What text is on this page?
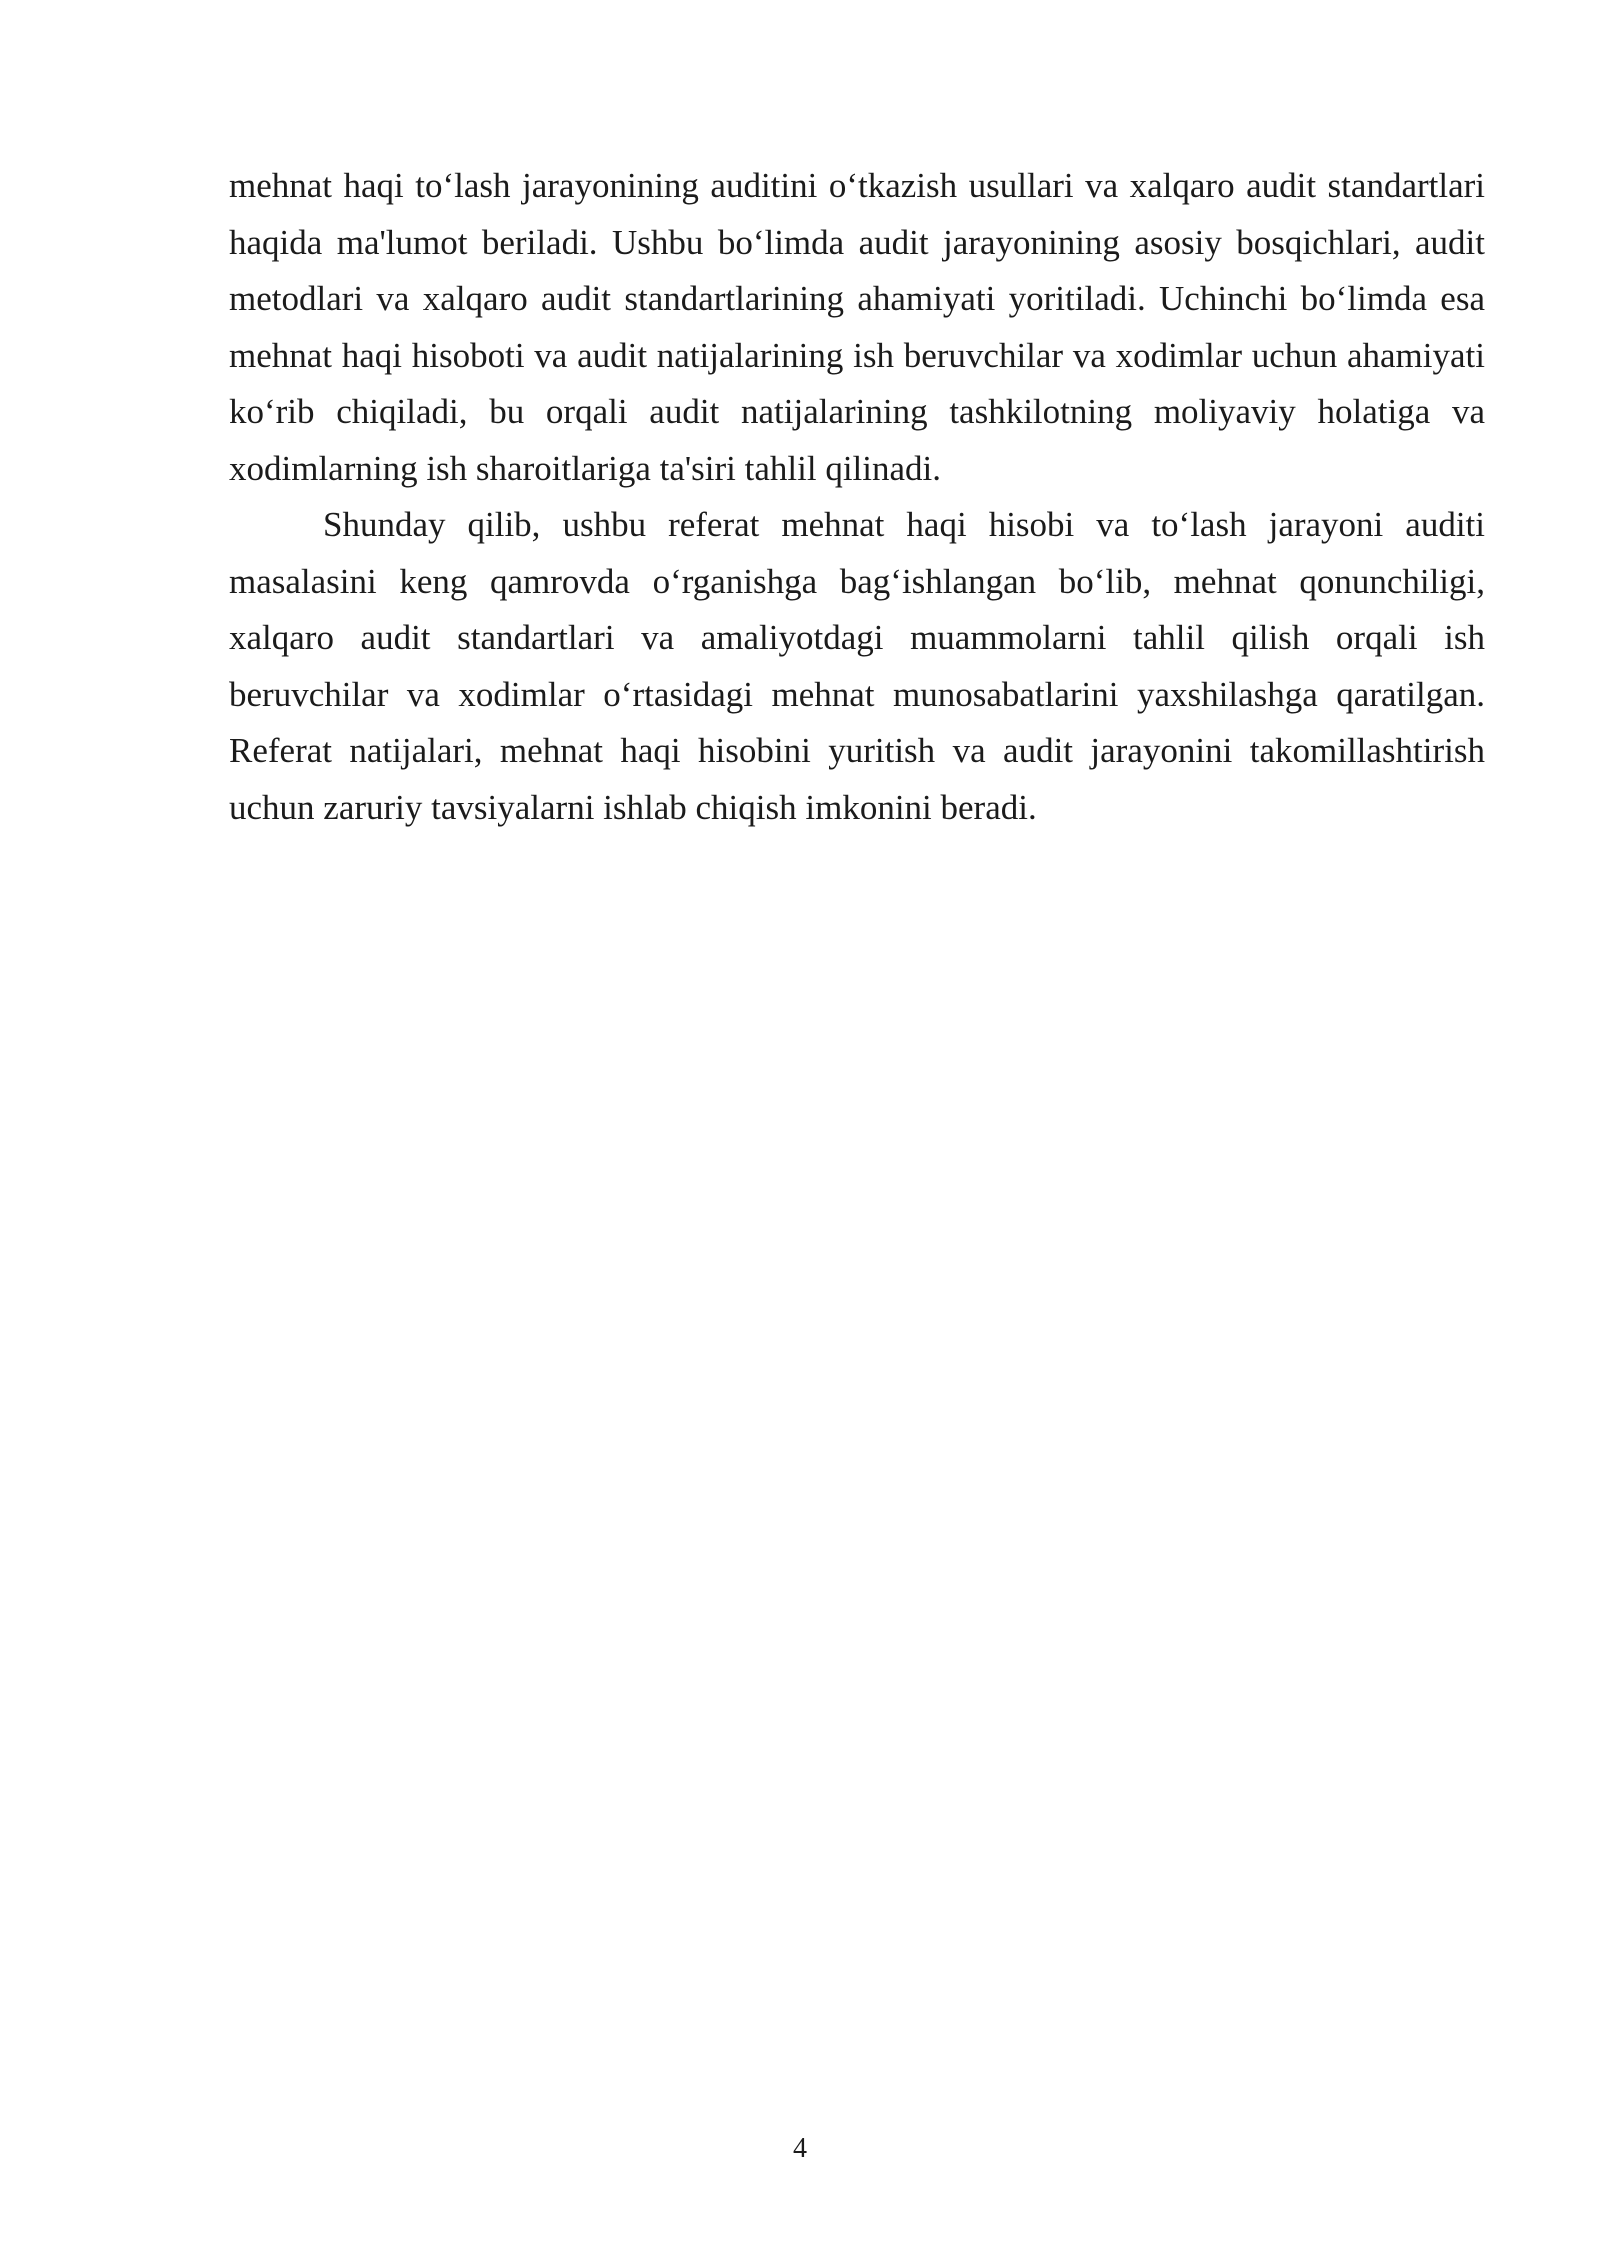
mehnat haqi to‘lash jarayonining auditini o‘tkazish usullari va xalqaro audit standartlari haqida ma'lumot beriladi. Ushbu bo‘limda audit jarayonining asosiy bosqichlari, audit metodlari va xalqaro audit standartlarining ahamiyati yoritiladi. Uchinchi bo‘limda esa mehnat haqi hisoboti va audit natijalarining ish beruvchilar va xodimlar uchun ahamiyati ko‘rib chiqiladi, bu orqali audit natijalarining tashkilotning moliyaviy holatiga va xodimlarning ish sharoitlariga ta'siri tahlil qilinadi.

Shunday qilib, ushbu referat mehnat haqi hisobi va to‘lash jarayoni auditi masalasini keng qamrovda o‘rganishga bag‘ishlangan bo‘lib, mehnat qonunchiligi, xalqaro audit standartlari va amaliyotdagi muammolarni tahlil qilish orqali ish beruvchilar va xodimlar o‘rtasidagi mehnat munosabatlarini yaxshilashga qaratilgan. Referat natijalari, mehnat haqi hisobini yuritish va audit jarayonini takomillashtirish uchun zaruriy tavsiyalarni ishlab chiqish imkonini beradi.

4
